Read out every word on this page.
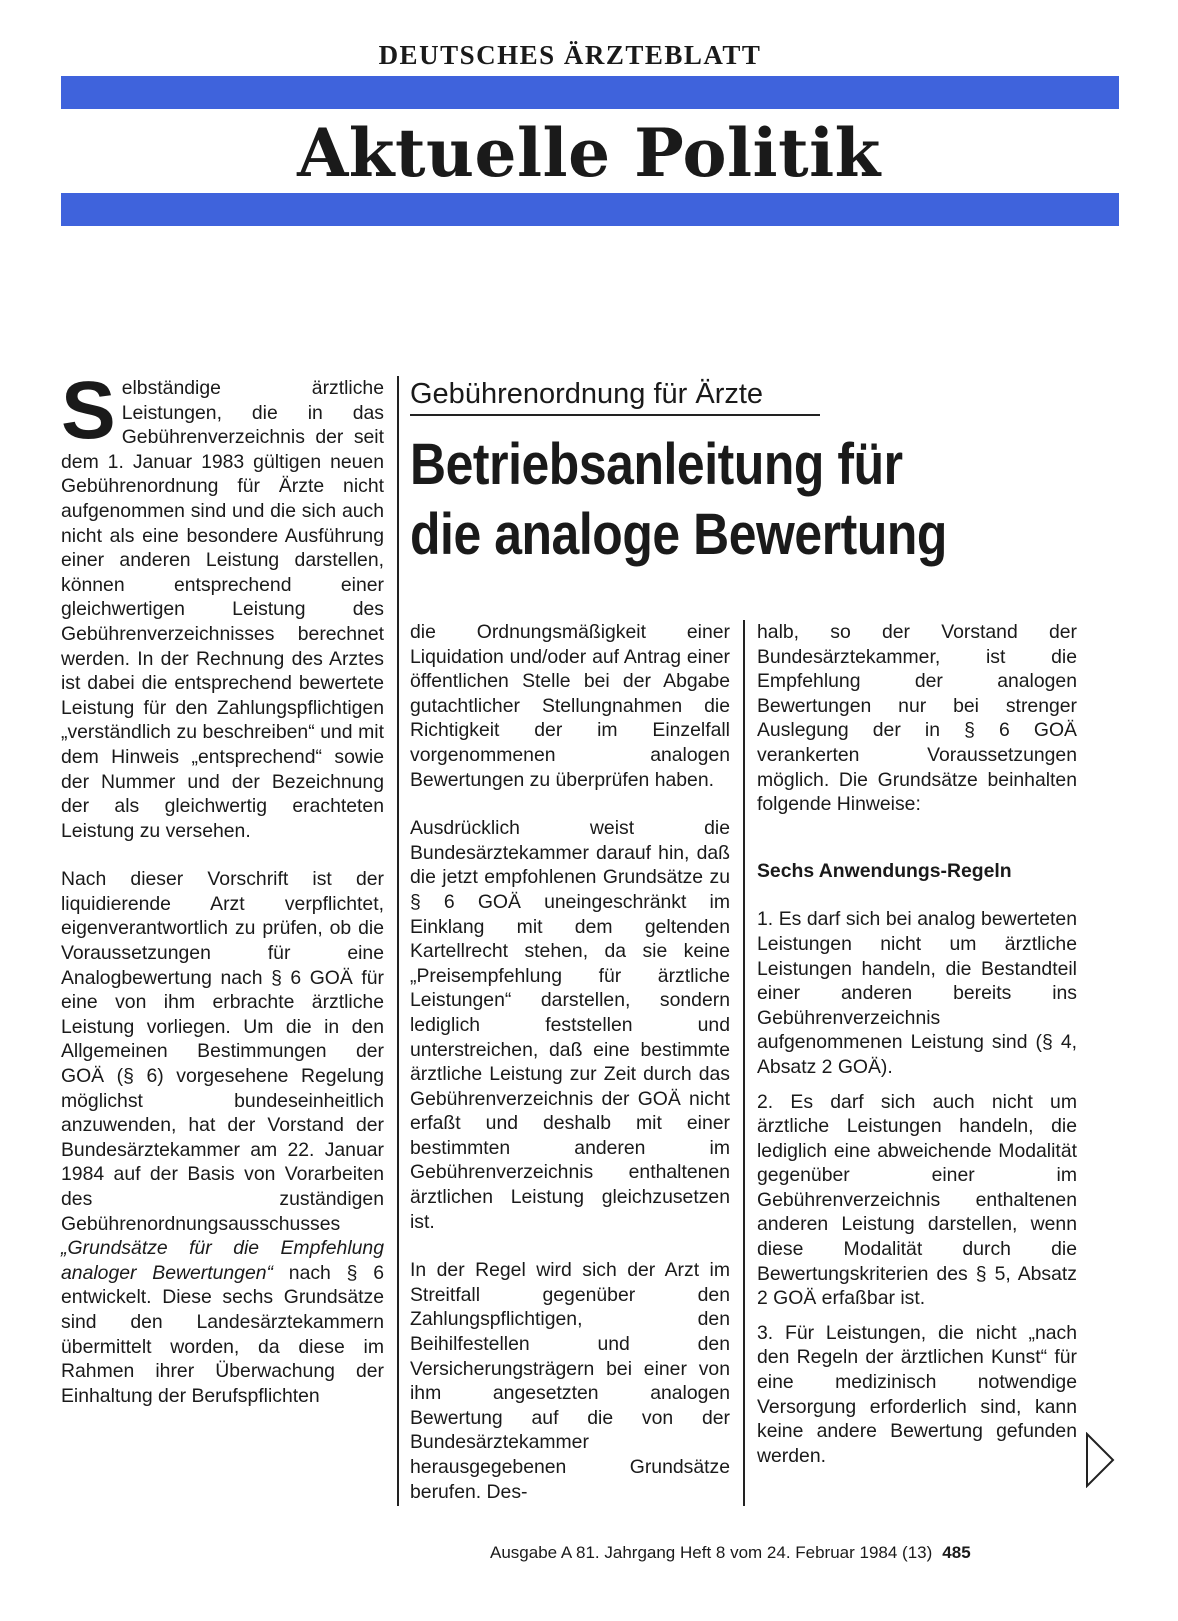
DEUTSCHES ÄRZTEBLATT
Aktuelle Politik

Selbständige ärztliche Leistungen, die in das Gebührenverzeichnis der seit dem 1. Januar 1983 gültigen neuen Gebührenordnung für Ärzte nicht aufgenommen sind und die sich auch nicht als eine besondere Ausführung einer anderen Leistung darstellen, können entsprechend einer gleichwertigen Leistung des Gebührenverzeichnisses berechnet werden. In der Rechnung des Arztes ist dabei die entsprechend bewertete Leistung für den Zahlungspflichtigen „verständlich zu beschreiben“ und mit dem Hinweis „entsprechend“ sowie der Nummer und der Bezeichnung der als gleichwertig erachteten Leistung zu versehen.

Nach dieser Vorschrift ist der liquidierende Arzt verpflichtet, eigenverantwortlich zu prüfen, ob die Voraussetzungen für eine Analogbewertung nach § 6 GOÄ für eine von ihm erbrachte ärztliche Leistung vorliegen. Um die in den Allgemeinen Bestimmungen der GOÄ (§ 6) vorgesehene Regelung möglichst bundeseinheitlich anzuwenden, hat der Vorstand der Bundesärztekammer am 22. Januar 1984 auf der Basis von Vorarbeiten des zuständigen Gebührenordnungsausschusses „Grundsätze für die Empfehlung analoger Bewertungen“ nach § 6 entwickelt. Diese sechs Grundsätze sind den Landesärztekammern übermittelt worden, da diese im Rahmen ihrer Überwachung der Einhaltung der Berufspflichten

Gebührenordnung für Ärzte
Betriebsanleitung für
die analoge Bewertung

die Ordnungsmäßigkeit einer Liquidation und/oder auf Antrag einer öffentlichen Stelle bei der Abgabe gutachtlicher Stellungnahmen die Richtigkeit der im Einzelfall vorgenommenen analogen Bewertungen zu überprüfen haben.

Ausdrücklich weist die Bundesärztekammer darauf hin, daß die jetzt empfohlenen Grundsätze zu § 6 GOÄ uneingeschränkt im Einklang mit dem geltenden Kartellrecht stehen, da sie keine „Preisempfehlung für ärztliche Leistungen“ darstellen, sondern lediglich feststellen und unterstreichen, daß eine bestimmte ärztliche Leistung zur Zeit durch das Gebührenverzeichnis der GOÄ nicht erfaßt und deshalb mit einer bestimmten anderen im Gebührenverzeichnis enthaltenen ärztlichen Leistung gleichzusetzen ist.

In der Regel wird sich der Arzt im Streitfall gegenüber den Zahlungspflichtigen, den Beihilfestellen und den Versicherungsträgern bei einer von ihm angesetzten analogen Bewertung auf die von der Bundesärztekammer herausgegebenen Grundsätze berufen. Des-

halb, so der Vorstand der Bundesärztekammer, ist die Empfehlung der analogen Bewertungen nur bei strenger Auslegung der in § 6 GOÄ verankerten Voraussetzungen möglich. Die Grundsätze beinhalten folgende Hinweise:

Sechs Anwendungs-Regeln

1. Es darf sich bei analog bewerteten Leistungen nicht um ärztliche Leistungen handeln, die Bestandteil einer anderen bereits ins Gebührenverzeichnis aufgenommenen Leistung sind (§ 4, Absatz 2 GOÄ).

2. Es darf sich auch nicht um ärztliche Leistungen handeln, die lediglich eine abweichende Modalität gegenüber einer im Gebührenverzeichnis enthaltenen anderen Leistung darstellen, wenn diese Modalität durch die Bewertungskriterien des § 5, Absatz 2 GOÄ erfaßbar ist.

3. Für Leistungen, die nicht „nach den Regeln der ärztlichen Kunst“ für eine medizinisch notwendige Versorgung erforderlich sind, kann keine andere Bewertung gefunden werden.

Ausgabe A 81. Jahrgang Heft 8 vom 24. Februar 1984 (13) 485
